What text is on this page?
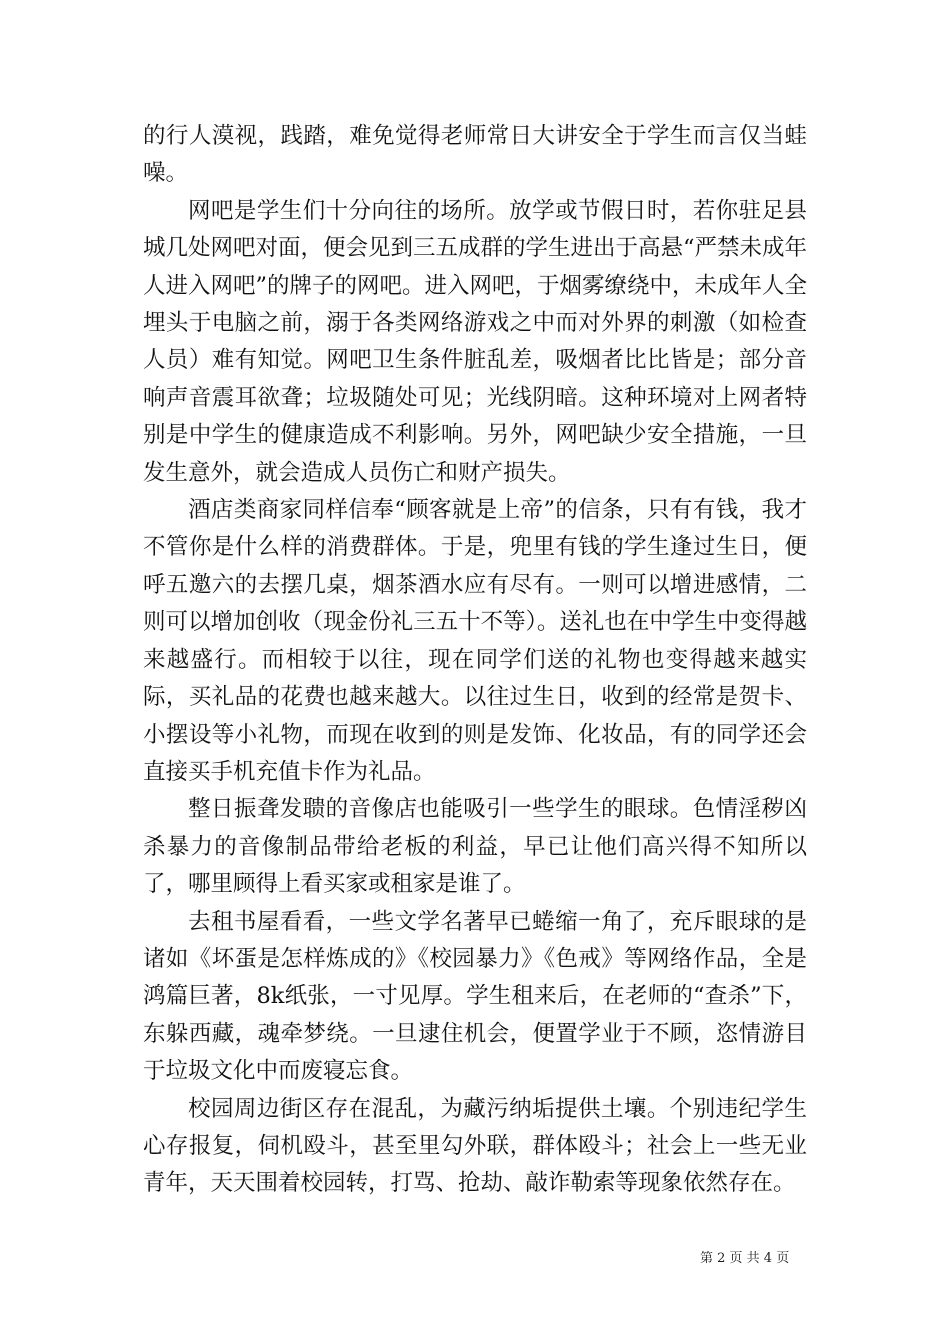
的行人漠视，践踏，难免觉得老师常日大讲安全于学生而言仅当蛙噪。

网吧是学生们十分向往的场所。放学或节假日时，若你驻足县城几处网吧对面，便会见到三五成群的学生进出于高悬“严禁未成年人进入网吧”的牌子的网吧。进入网吧，于烟雾缭绕中，未成年人全埋头于电脑之前，溺于各类网络游戏之中而对外界的刺激（如检查人员）难有知觉。网吧卫生条件脏乱差，吸烟者比比皆是；部分音响声音震耳欲聋；垃圾随处可见；光线阴暗。这种环境对上网者特别是中学生的健康造成不利影响。另外，网吧缺少安全措施，一旦发生意外，就会造成人员伤亡和财产损失。

酒店类商家同样信奉“顾客就是上帝”的信条，只有有钱，我才不管你是什么样的消费群体。于是，兜里有钱的学生逢过生日，便呼五邀六的去摆几桌，烟茶酒水应有尽有。一则可以增进感情，二则可以增加创收（现金份礼三五十不等）。送礼也在中学生中变得越来越盛行。而相较于以往，现在同学们送的礼物也变得越来越实际，买礼品的花费也越来越大。以往过生日，收到的经常是贺卡、小摆设等小礼物，而现在收到的则是发饰、化妆品，有的同学还会直接买手机充值卡作为礼品。

整日振聋发聩的音像店也能吸引一些学生的眼球。色情淫秽凶杀暴力的音像制品带给老板的利益，早已让他们高兴得不知所以了，哪里顾得上看买家或租家是谁了。

去租书屋看看，一些文学名著早已蜷缩一角了，充斥眼球的是诸如《坏蛋是怎样炼成的》《校园暴力》《色戒》等网络作品，全是鸿篇巨著，8k纸张，一寸见厚。学生租来后，在老师的“查杀”下，东躲西藏，魂牵梦绕。一旦逮住机会，便置学业于不顾，恣情游目于垃圾文化中而废寝忘食。

校园周边街区存在混乱，为藏污纳垢提供土壤。个别违纪学生心存报复，伺机殴斗，甚至里勾外联，群体殴斗；社会上一些无业青年，天天围着校园转，打骂、抢劫、敲诈勒索等现象依然存在。

第 2 页 共 4 页
